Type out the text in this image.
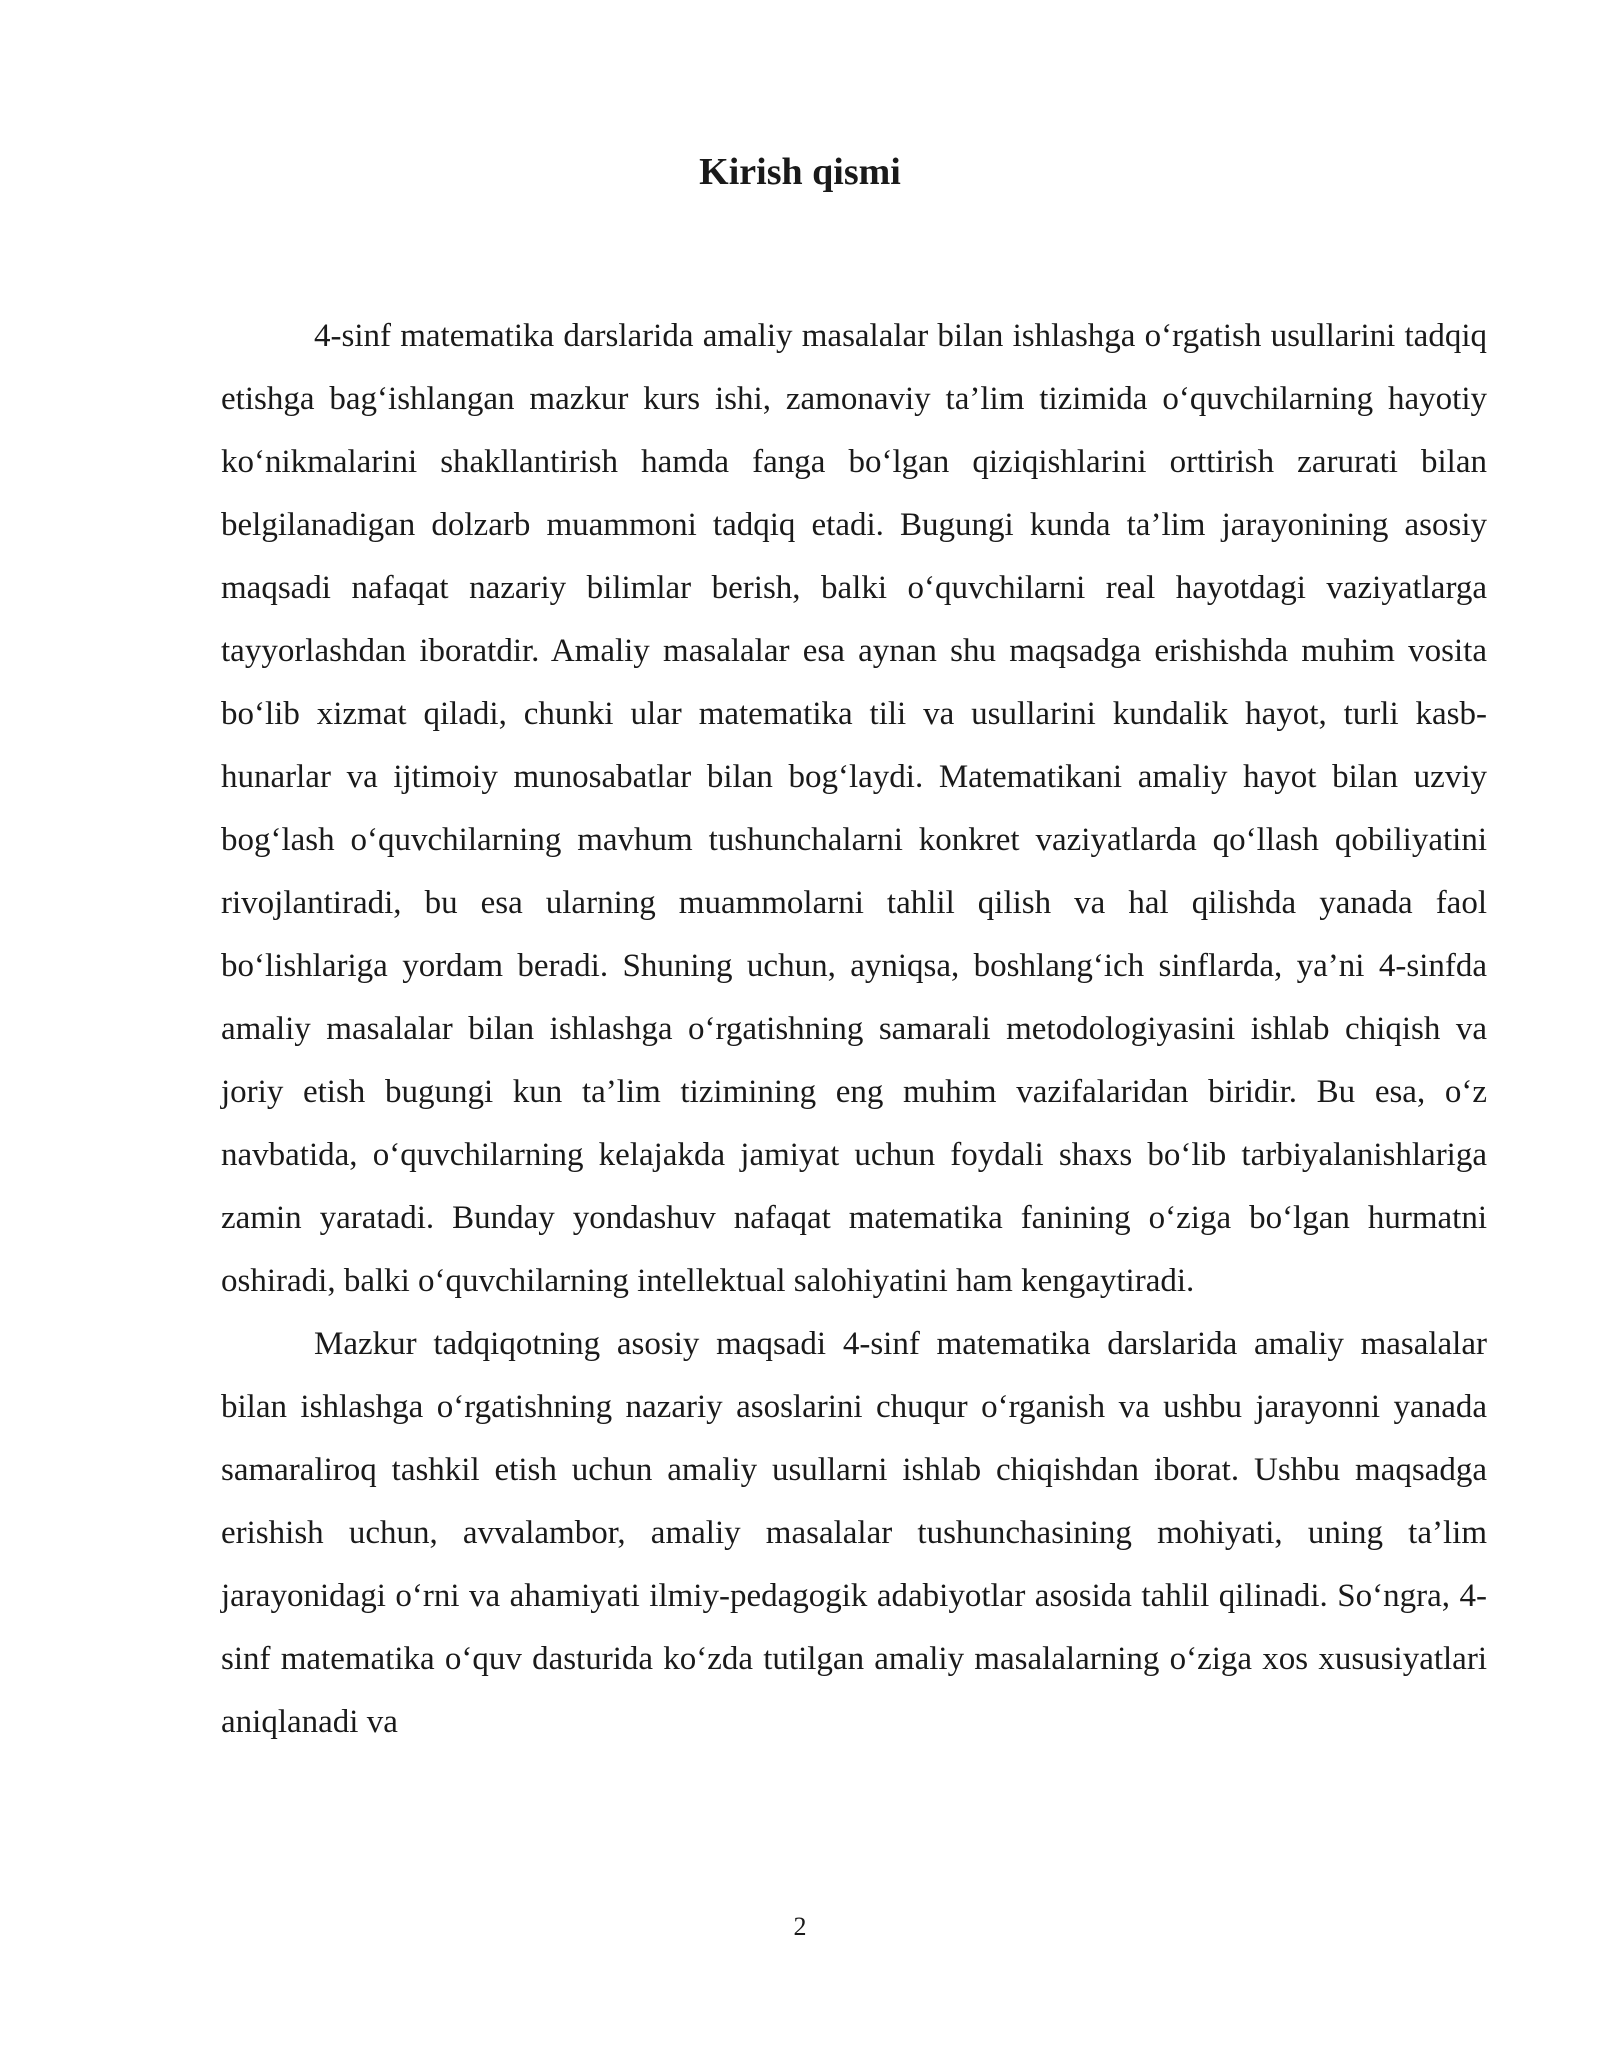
Kirish qismi

4-sinf matematika darslarida amaliy masalalar bilan ishlashga o‘rgatish usullarini tadqiq etishga bag‘ishlangan mazkur kurs ishi, zamonaviy ta’lim tizimida o‘quvchilarning hayotiy ko‘nikmalarini shakllantirish hamda fanga bo‘lgan qiziqishlarini orttirish zarurati bilan belgilanadigan dolzarb muammoni tadqiq etadi. Bugungi kunda ta’lim jarayonining asosiy maqsadi nafaqat nazariy bilimlar berish, balki o‘quvchilarni real hayotdagi vaziyatlarga tayyorlashdan iboratdir. Amaliy masalalar esa aynan shu maqsadga erishishda muhim vosita bo‘lib xizmat qiladi, chunki ular matematika tili va usullarini kundalik hayot, turli kasb-hunarlar va ijtimoiy munosabatlar bilan bog‘laydi. Matematikani amaliy hayot bilan uzviy bog‘lash o‘quvchilarning mavhum tushunchalarni konkret vaziyatlarda qo‘llash qobiliyatini rivojlantiradi, bu esa ularning muammolarni tahlil qilish va hal qilishda yanada faol bo‘lishlariga yordam beradi. Shuning uchun, ayniqsa, boshlang‘ich sinflarda, ya’ni 4-sinfda amaliy masalalar bilan ishlashga o‘rgatishning samarali metodologiyasini ishlab chiqish va joriy etish bugungi kun ta’lim tizimining eng muhim vazifalaridan biridir. Bu esa, o‘z navbatida, o‘quvchilarning kelajakda jamiyat uchun foydali shaxs bo‘lib tarbiyalanishlariga zamin yaratadi. Bunday yondashuv nafaqat matematika fanining o‘ziga bo‘lgan hurmatni oshiradi, balki o‘quvchilarning intellektual salohiyatini ham kengaytiradi.

Mazkur tadqiqotning asosiy maqsadi 4-sinf matematika darslarida amaliy masalalar bilan ishlashga o‘rgatishning nazariy asoslarini chuqur o‘rganish va ushbu jarayonni yanada samaraliroq tashkil etish uchun amaliy usullarni ishlab chiqishdan iborat. Ushbu maqsadga erishish uchun, avvalambor, amaliy masalalar tushunchasining mohiyati, uning ta’lim jarayonidagi o‘rni va ahamiyati ilmiy-pedagogik adabiyotlar asosida tahlil qilinadi. So‘ngra, 4-sinf matematika o‘quv dasturida ko‘zda tutilgan amaliy masalalarning o‘ziga xos xususiyatlari aniqlanadi va

2
